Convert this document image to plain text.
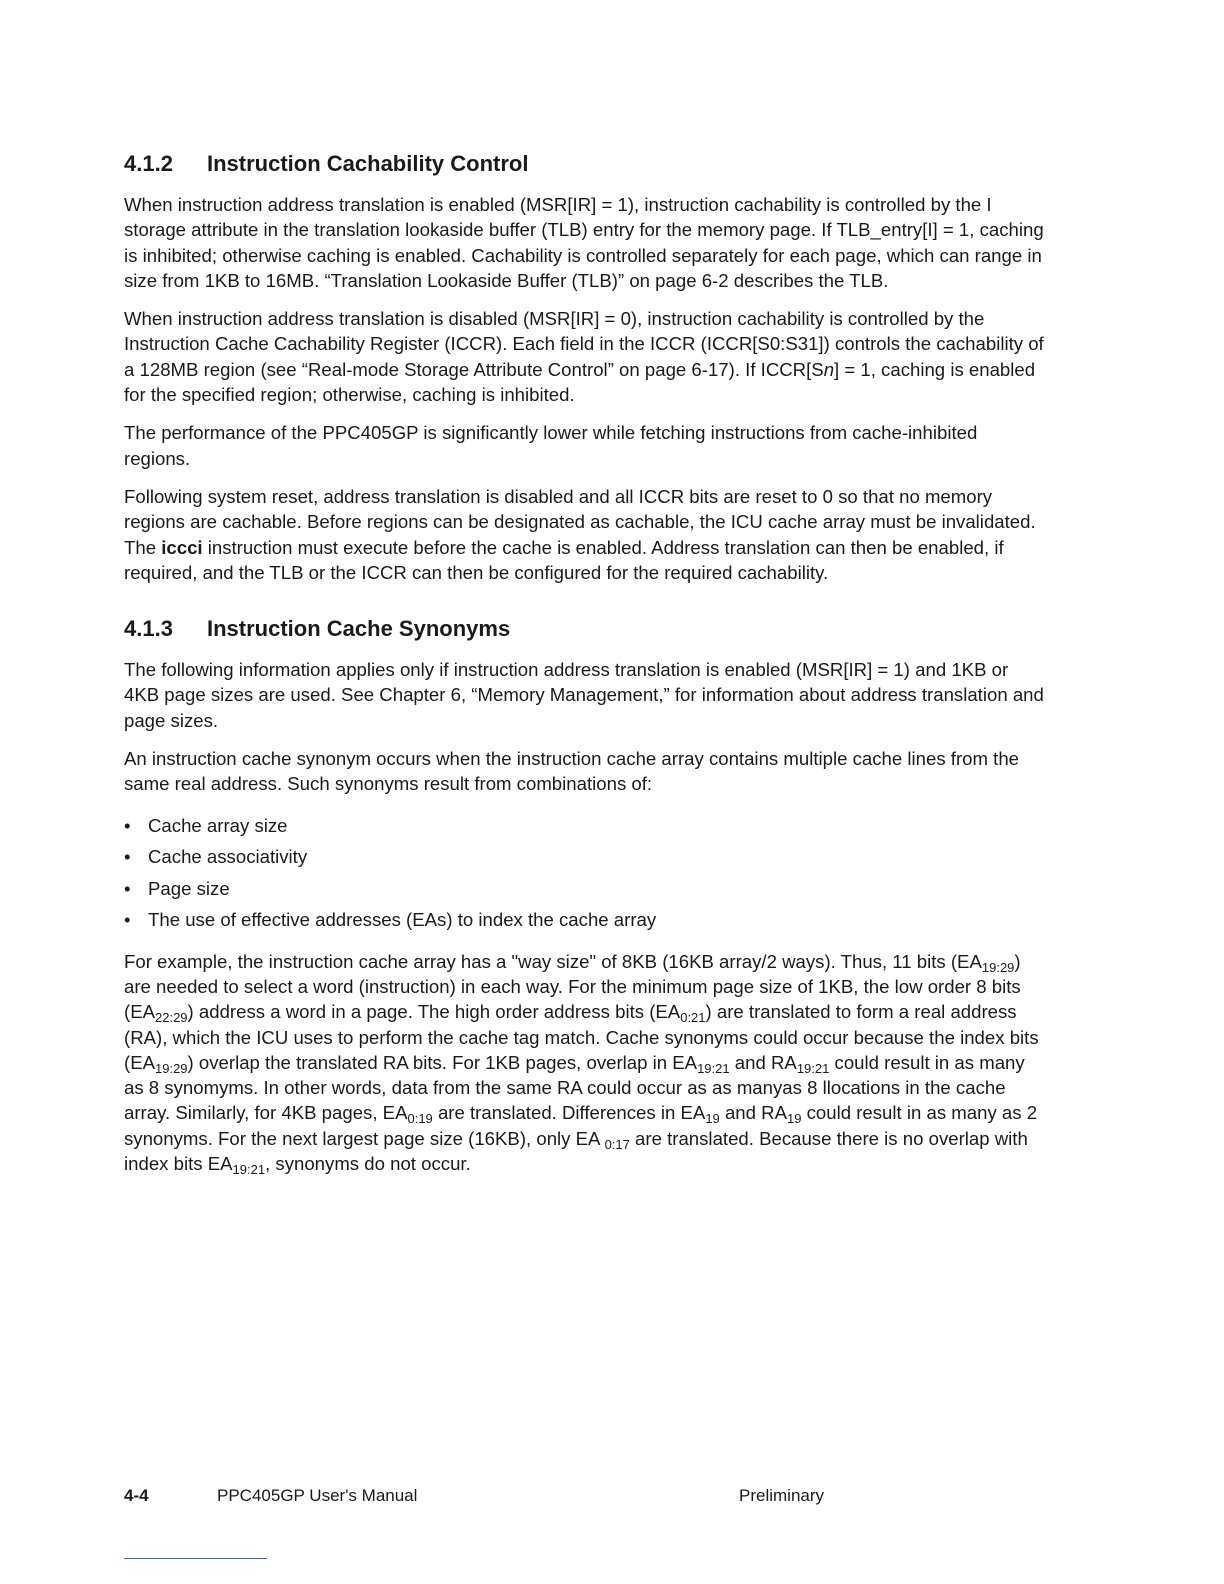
4.1.2	Instruction Cachability Control

When instruction address translation is enabled (MSR[IR] = 1), instruction cachability is controlled by the I storage attribute in the translation lookaside buffer (TLB) entry for the memory page. If TLB_entry[I] = 1, caching is inhibited; otherwise caching is enabled. Cachability is controlled separately for each page, which can range in size from 1KB to 16MB. “Translation Lookaside Buffer (TLB)” on page 6-2 describes the TLB.

When instruction address translation is disabled (MSR[IR] = 0), instruction cachability is controlled by the Instruction Cache Cachability Register (ICCR). Each field in the ICCR (ICCR[S0:S31]) controls the cachability of a 128MB region (see “Real-mode Storage Attribute Control” on page 6-17). If ICCR[Sn] = 1, caching is enabled for the specified region; otherwise, caching is inhibited.

The performance of the PPC405GP is significantly lower while fetching instructions from cache-inhibited regions.

Following system reset, address translation is disabled and all ICCR bits are reset to 0 so that no memory regions are cachable. Before regions can be designated as cachable, the ICU cache array must be invalidated. The iccci instruction must execute before the cache is enabled. Address translation can then be enabled, if required, and the TLB or the ICCR can then be configured for the required cachability.

4.1.3	Instruction Cache Synonyms

The following information applies only if instruction address translation is enabled (MSR[IR] = 1) and 1KB or 4KB page sizes are used. See Chapter 6, “Memory Management,” for information about address translation and page sizes.

An instruction cache synonym occurs when the instruction cache array contains multiple cache lines from the same real address. Such synonyms result from combinations of:

• Cache array size
• Cache associativity
• Page size
• The use of effective addresses (EAs) to index the cache array

For example, the instruction cache array has a "way size" of 8KB (16KB array/2 ways). Thus, 11 bits $(EA_{19:29})$ are needed to select a word (instruction) in each way. For the minimum page size of 1KB, the low order 8 bits $(EA_{22:29})$ address a word in a page. The high order address bits $(EA_{0:21})$ are translated to form a real address (RA), which the ICU uses to perform the cache tag match. Cache synonyms could occur because the index bits $(EA_{19:29})$ overlap the translated RA bits. For 1KB pages, overlap in $EA_{19:21}$ and $RA_{19:21}$ could result in as many as 8 synomyms. In other words, data from the same RA could occur as as manyas 8 llocations in the cache array. Similarly, for 4KB pages, $EA_{0:19}$ are translated. Differences in $EA_{19}$ and $RA_{19}$ could result in as many as 2 synonyms. For the next largest page size (16KB), only EA $_{0:17}$ are translated. Because there is no overlap with index bits $EA_{19:21}$, synonyms do not occur.

4-4	PPC405GP User's Manual	Preliminary
